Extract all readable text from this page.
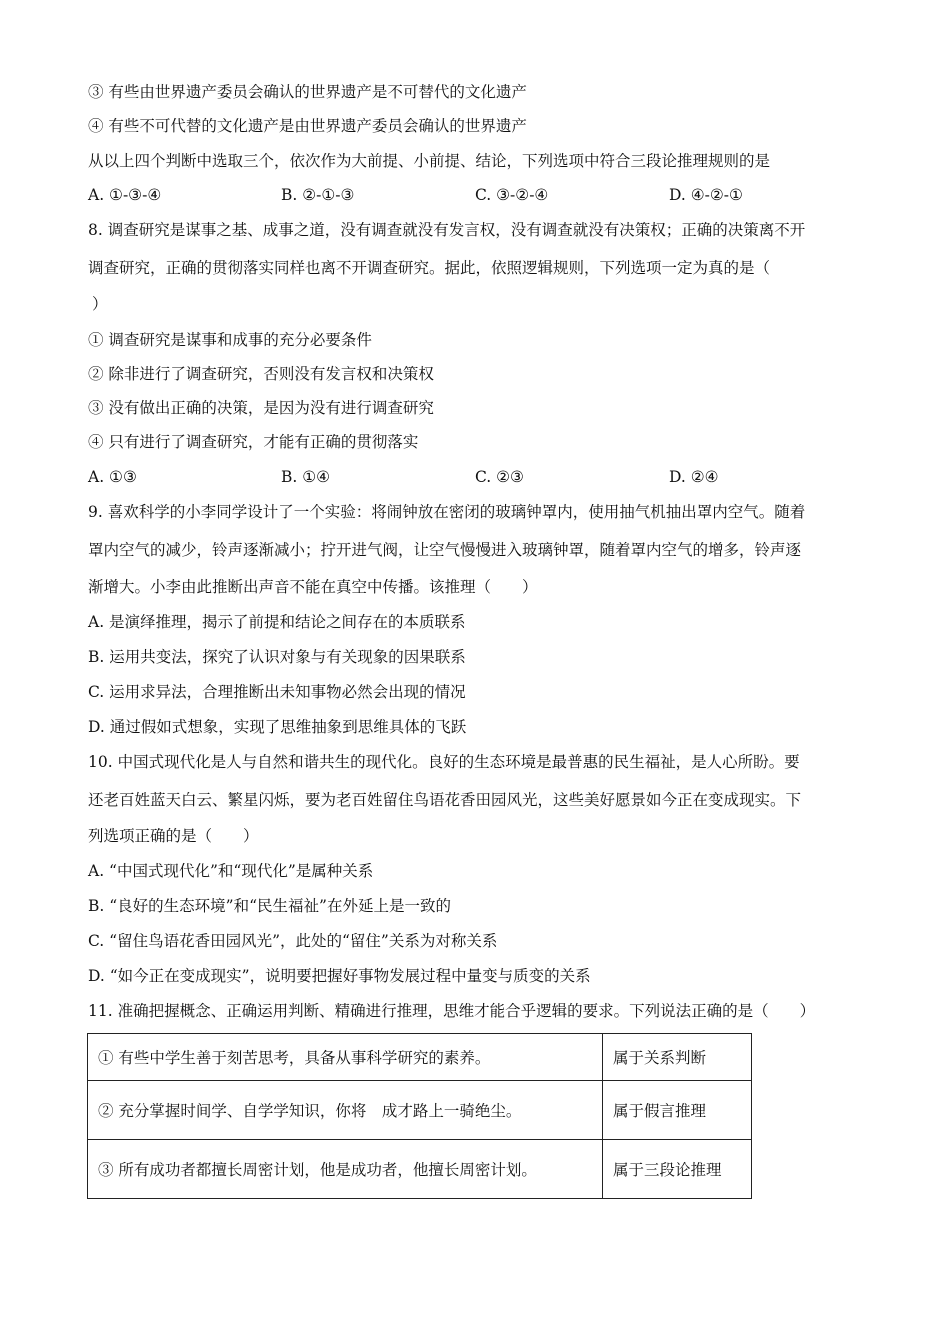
③ 有些由世界遗产委员会确认的世界遗产是不可替代的文化遗产
④ 有些不可代替的文化遗产是由世界遗产委员会确认的世界遗产
从以上四个判断中选取三个，依次作为大前提、小前提、结论，下列选项中符合三段论推理规则的是
A. ①-③-④	B. ②-①-③	C. ③-②-④	D. ④-②-①
8. 调查研究是谋事之基、成事之道，没有调查就没有发言权，没有调查就没有决策权；正确的决策离不开
调查研究，正确的贯彻落实同样也离不开调查研究。据此，依照逻辑规则，下列选项一定为真的是（
）
① 调查研究是谋事和成事的充分必要条件
② 除非进行了调查研究，否则没有发言权和决策权
③ 没有做出正确的决策，是因为没有进行调查研究
④ 只有进行了调查研究，才能有正确的贯彻落实
A. ①③	B. ①④	C. ②③	D. ②④
9. 喜欢科学的小李同学设计了一个实验：将闹钟放在密闭的玻璃钟罩内，使用抽气机抽出罩内空气。随着
罩内空气的减少，铃声逐渐减小；拧开进气阀，让空气慢慢进入玻璃钟罩，随着罩内空气的增多，铃声逐
渐增大。小李由此推断出声音不能在真空中传播。该推理（　　）
A. 是演绎推理，揭示了前提和结论之间存在的本质联系
B. 运用共变法，探究了认识对象与有关现象的因果联系
C. 运用求异法，合理推断出未知事物必然会出现的情况
D. 通过假如式想象，实现了思维抽象到思维具体的飞跃
10. 中国式现代化是人与自然和谐共生的现代化。良好的生态环境是最普惠的民生福祉，是人心所盼。要
还老百姓蓝天白云、繁星闪烁，要为老百姓留住鸟语花香田园风光，这些美好愿景如今正在变成现实。下
列选项正确的是（　　）
A. “中国式现代化”和“现代化”是属种关系
B. “良好的生态环境”和“民生福祉”在外延上是一致的
C. “留住鸟语花香田园风光”，此处的“留住”关系为对称关系
D. “如今正在变成现实”，说明要把握好事物发展过程中量变与质变的关系
11. 准确把握概念、正确运用判断、精确进行推理，思维才能合乎逻辑的要求。下列说法正确的是（　　）
① 有些中学生善于刻苦思考，具备从事科学研究的素养。	属于关系判断
② 充分掌握时间学、自学学知识，你将　成才路上一骑绝尘。	属于假言推理
③ 所有成功者都擅长周密计划，他是成功者，他擅长周密计划。	属于三段论推理
